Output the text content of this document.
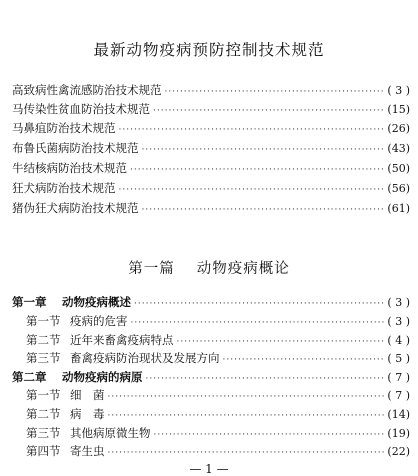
最新动物疫病预防控制技术规范
高致病性禽流感防治技术规范 ·····	( 3 )
马传染性贫血防治技术规范 ·····	(15)
马鼻疽防治技术规范 ·····	(26)
布鲁氏菌病防治技术规范 ·····	(43)
牛结核病防治技术规范 ·····	(50)
狂犬病防治技术规范 ·····	(56)
猪伪狂犬病防治技术规范 ·····	(61)
第一篇 动物疫病概论
第一章 动物疫病概述 ·····	( 3 )
第一节 疫病的危害 ·····	( 3 )
第二节 近年来畜禽疫病特点 ·····	( 4 )
第三节 畜禽疫病防治现状及发展方向 ·····	( 5 )
第二章 动物疫病的病原 ·····	( 7 )
第一节 细　菌 ·····	( 7 )
第二节 病　毒 ·····	(14)
第三节 其他病原微生物 ·····	(19)
第四节 寄生虫 ·····	(22)
— 1 —
